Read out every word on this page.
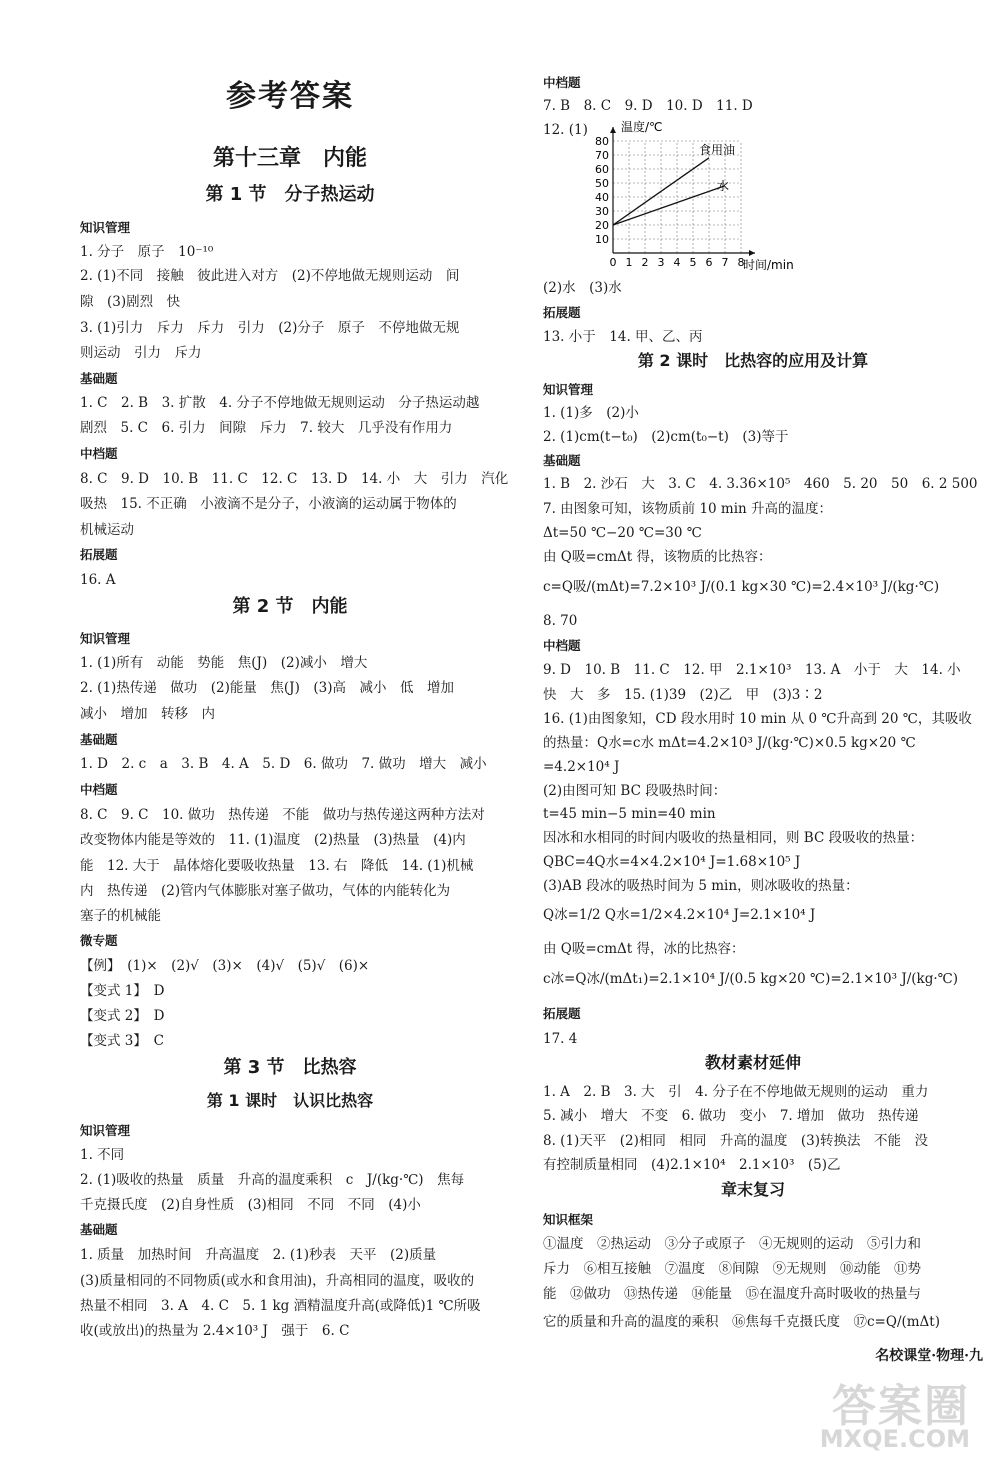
参考答案
第十三章　内能
第 1 节　分子热运动
知识管理
1. 分子　原子　10⁻¹⁰
2. (1)不同　接触　彼此进入对方　(2)不停地做无规则运动　间
隙　(3)剧烈　快
3. (1)引力　斥力　斥力　引力　(2)分子　原子　不停地做无规
则运动　引力　斥力
基础题
1. C　2. B　3. 扩散　4. 分子不停地做无规则运动　分子热运动越
剧烈　5. C　6. 引力　间隙　斥力　7. 较大　几乎没有作用力
中档题
8. C　9. D　10. B　11. C　12. C　13. D　14. 小　大　引力　汽化
吸热　15. 不正确　小液滴不是分子，小液滴的运动属于物体的
机械运动
拓展题
16. A
第 2 节　内能
知识管理
1. (1)所有　动能　势能　焦(J)　(2)减小　增大
2. (1)热传递　做功　(2)能量　焦(J)　(3)高　减小　低　增加
减小　增加　转移　内
基础题
1. D　2. c　a　3. B　4. A　5. D　6. 做功　7. 做功　增大　减小
中档题
8. C　9. C　10. 做功　热传递　不能　做功与热传递这两种方法对
改变物体内能是等效的　11. (1)温度　(2)热量　(3)热量　(4)内
能　12. 大于　晶体熔化要吸收热量　13. 右　降低　14. (1)机械
内　热传递　(2)管内气体膨胀对塞子做功，气体的内能转化为
塞子的机械能
微专题
【例】　(1)×　(2)√　(3)×　(4)√　(5)√　(6)×
【变式 1】　D
【变式 2】　D
【变式 3】　C
第 3 节　比热容
第 1 课时　认识比热容
知识管理
1. 不同
2. (1)吸收的热量　质量　升高的温度乘积　c　J/(kg·℃)　焦每
千克摄氏度　(2)自身性质　(3)相同　不同　不同　(4)小
基础题
1. 质量　加热时间　升高温度　2. (1)秒表　天平　(2)质量
(3)质量相同的不同物质(或水和食用油)，升高相同的温度，吸收的
热量不相同　3. A　4. C　5. 1 kg 酒精温度升高(或降低)1 ℃所吸
收(或放出)的热量为 2.4×10³ J　强于　6. C
中档题
7. B　8. C　9. D　10. D　11. D
12. (1)
0 1 2 3 4 5 6 7 8
10
20
30
40
50
60
70
80
温度/℃
时间/min
食用油
水
(2)水　(3)水
拓展题
13. 小于　14. 甲、乙、丙
第 2 课时　比热容的应用及计算
知识管理
1. (1)多　(2)小
2. (1)cm(t−t₀)　(2)cm(t₀−t)　(3)等于
基础题
1. B　2. 沙石　大　3. C　4. 3.36×10⁵　460　5. 20　50　6. 2 500
7. 由图象可知，该物质前 10 min 升高的温度：
Δt=50 ℃−20 ℃=30 ℃
由 Q吸=cmΔt 得，该物质的比热容：
c=Q吸/(mΔt)=7.2×10³ J/(0.1 kg×30 ℃)=2.4×10³ J/(kg·℃)
8. 70
中档题
9. D　10. B　11. C　12. 甲　2.1×10³　13. A　小于　大　14. 小
快　大　多　15. (1)39　(2)乙　甲　(3)3∶2
16. (1)由图象知，CD 段水用时 10 min 从 0 ℃升高到 20 ℃，其吸收
的热量：Q水=c水 mΔt=4.2×10³ J/(kg·℃)×0.5 kg×20 ℃
=4.2×10⁴ J
(2)由图可知 BC 段吸热时间：
t=45 min−5 min=40 min
因冰和水相同的时间内吸收的热量相同，则 BC 段吸收的热量：
QBC=4Q水=4×4.2×10⁴ J=1.68×10⁵ J
(3)AB 段冰的吸热时间为 5 min，则冰吸收的热量：
Q冰=1/2 Q水=1/2×4.2×10⁴ J=2.1×10⁴ J
由 Q吸=cmΔt 得，冰的比热容：
c冰=Q冰/(mΔt₁)=2.1×10⁴ J/(0.5 kg×20 ℃)=2.1×10³ J/(kg·℃)
拓展题
17. 4
教材素材延伸
1. A　2. B　3. 大　引　4. 分子在不停地做无规则的运动　重力
5. 减小　增大　不变　6. 做功　变小　7. 增加　做功　热传递
8. (1)天平　(2)相同　相同　升高的温度　(3)转换法　不能　没
有控制质量相同　(4)2.1×10⁴　2.1×10³　(5)乙
章末复习
知识框架
①温度　②热运动　③分子或原子　④无规则的运动　⑤引力和
斥力　⑥相互接触　⑦温度　⑧间隙　⑨无规则　⑩动能　⑪势
能　⑫做功　⑬热传递　⑭能量　⑮在温度升高时吸收的热量与
它的质量和升高的温度的乘积　⑯焦每千克摄氏度　⑰c=Q/(mΔt)
名校课堂·物理·九
答案圈
MXQE.COM
